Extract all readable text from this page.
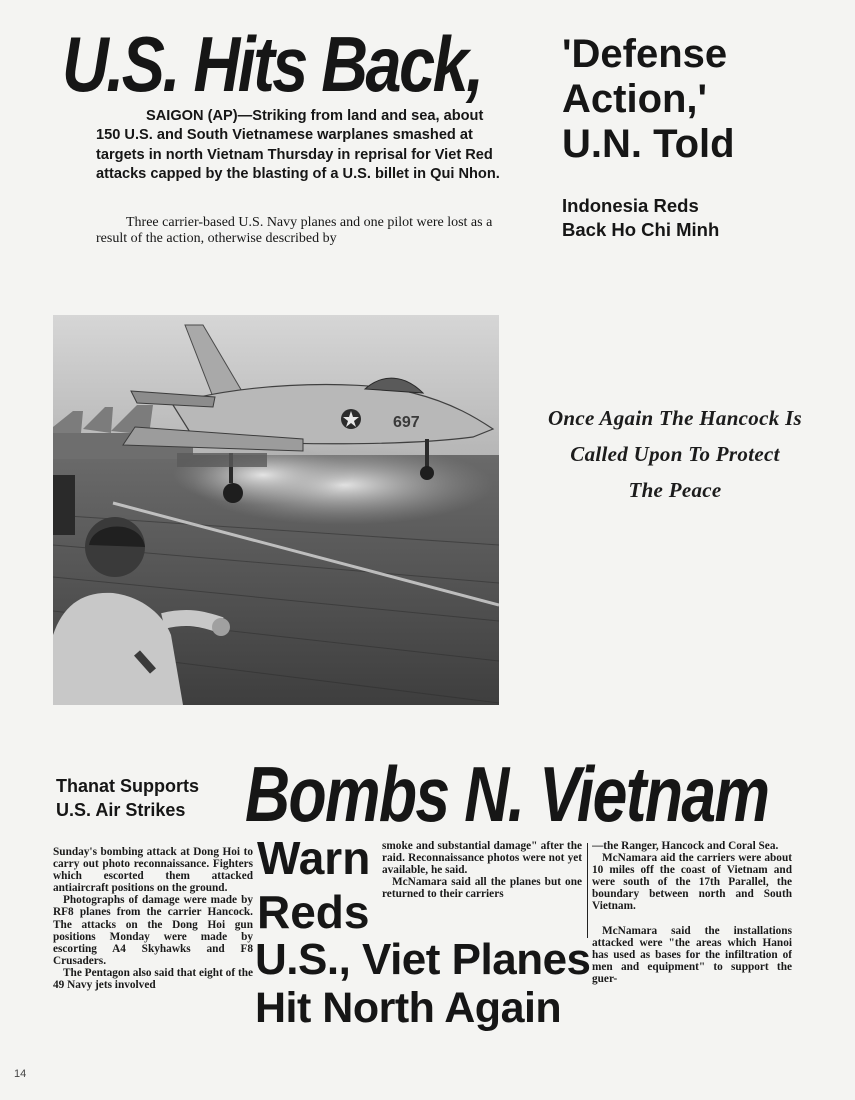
U.S. Hits Back,
SAIGON (AP)—Striking from land and sea, about 150 U.S. and South Vietnamese warplanes smashed at targets in north Vietnam Thursday in reprisal for Viet Red attacks capped by the blasting of a U.S. billet in Qui Nhon.
Three carrier-based U.S. Navy planes and one pilot were lost as a result of the action, otherwise described by
'Defense
Action,'
U.N. Told
Indonesia Reds
Back Ho Chi Minh
697	Once Again The Hancock Is
Called Upon To Protect
The Peace
Thanat Supports
U.S. Air Strikes Bombs N. Vietnam

Sunday's bombing attack at Dong Hoi to carry out photo reconnaissance. Fighters which escorted them attacked antiaircraft positions on the ground.

Photographs of damage were made by RF8 planes from the carrier Hancock. The attacks on the Dong Hoi gun positions Monday were made by escorting A4 Skyhawks and F8 Crusaders.

The Pentagon also said that eight of the 49 Navy jets involved

Warn
Reds

smoke and substantial damage" after the raid. Reconnaissance photos were not yet available, he said.

McNamara said all the planes but one returned to their carriers

—the Ranger, Hancock and Coral Sea.

McNamara aid the carriers were about 10 miles off the coast of Vietnam and were south of the 17th Parallel, the boundary between north and South Vietnam.

McNamara said the installations attacked were "the areas which Hanoi has used as bases for the infiltration of men and equipment" to support the guer-

U.S., Viet Planes
Hit North Again
14
